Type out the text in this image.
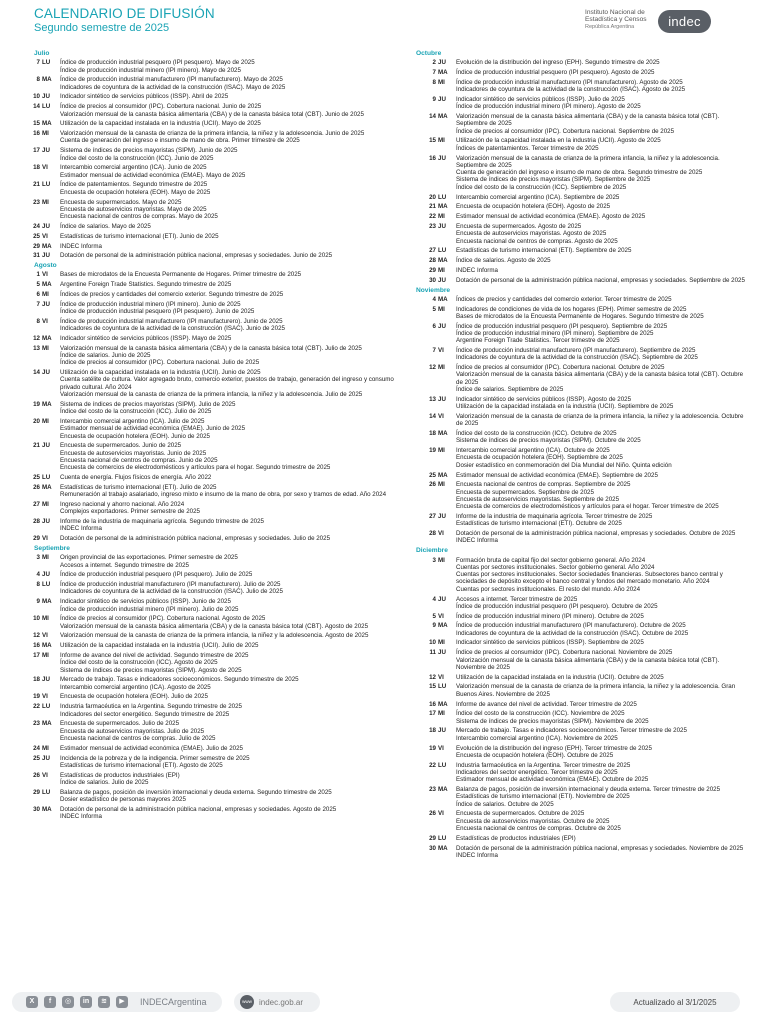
CALENDARIO DE DIFUSIÓN
Segundo semestre de 2025
Instituto Nacional de
Estadística y Censos
República Argentina	indec
Julio
7 LU	Índice de producción industrial pesquero (IPI pesquero). Mayo de 2025
Índice de producción industrial minero (IPI minero). Mayo de 2025
8 MA	Índice de producción industrial manufacturero (IPI manufacturero). Mayo de 2025
Indicadores de coyuntura de la actividad de la construcción (ISAC). Mayo de 2025
10 JU	Indicador sintético de servicios públicos (ISSP). Abril de 2025
14 LU	Índice de precios al consumidor (IPC). Cobertura nacional. Junio de 2025
Valorización mensual de la canasta básica alimentaria (CBA) y de la canasta básica total (CBT). Junio de 2025
15 MA	Utilización de la capacidad instalada en la industria (UCII). Mayo de 2025
16 MI	Valorización mensual de la canasta de crianza de la primera infancia, la niñez y la adolescencia. Junio de 2025
Cuenta de generación del ingreso e insumo de mano de obra. Primer trimestre de 2025
17 JU	Sistema de índices de precios mayoristas (SIPM). Junio de 2025
Índice del costo de la construcción (ICC). Junio de 2025
18 VI	Intercambio comercial argentino (ICA). Junio de 2025
Estimador mensual de actividad económica (EMAE). Mayo de 2025
21 LU	Índice de patentamientos. Segundo trimestre de 2025
Encuesta de ocupación hotelera (EOH). Mayo de 2025
23 MI	Encuesta de supermercados. Mayo de 2025
Encuesta de autoservicios mayoristas. Mayo de 2025
Encuesta nacional de centros de compras. Mayo de 2025
24 JU	Índice de salarios. Mayo de 2025
25 VI	Estadísticas de turismo internacional (ETI). Junio de 2025
29 MA	INDEC Informa
31 JU	Dotación de personal de la administración pública nacional, empresas y sociedades. Junio de 2025
Agosto
1 VI	Bases de microdatos de la Encuesta Permanente de Hogares. Primer trimestre de 2025
5 MA	Argentine Foreign Trade Statistics. Segundo trimestre de 2025
6 MI	Índices de precios y cantidades del comercio exterior. Segundo trimestre de 2025
7 JU	Índice de producción industrial minero (IPI minero). Junio de 2025
Índice de producción industrial pesquero (IPI pesquero). Junio de 2025
8 VI	Índice de producción industrial manufacturero (IPI manufacturero). Junio de 2025
Indicadores de coyuntura de la actividad de la construcción (ISAC). Junio de 2025
12 MA	Indicador sintético de servicios públicos (ISSP). Mayo de 2025
13 MI	Valorización mensual de la canasta básica alimentaria (CBA) y de la canasta básica total (CBT). Julio de 2025
Índice de salarios. Junio de 2025
Índice de precios al consumidor (IPC). Cobertura nacional. Julio de 2025
14 JU	Utilización de la capacidad instalada en la industria (UCII). Junio de 2025
Cuenta satélite de cultura. Valor agregado bruto, comercio exterior, puestos de trabajo, generación del ingreso y consumo privado cultural. Año 2024
Valorización mensual de la canasta de crianza de la primera infancia, la niñez y la adolescencia. Julio de 2025
19 MA	Sistema de índices de precios mayoristas (SIPM). Julio de 2025
Índice del costo de la construcción (ICC). Julio de 2025
20 MI	Intercambio comercial argentino (ICA). Julio de 2025
Estimador mensual de actividad económica (EMAE). Junio de 2025
Encuesta de ocupación hotelera (EOH). Junio de 2025
21 JU	Encuesta de supermercados. Junio de 2025
Encuesta de autoservicios mayoristas. Junio de 2025
Encuesta nacional de centros de compras. Junio de 2025
Encuesta de comercios de electrodomésticos y artículos para el hogar. Segundo trimestre de 2025
25 LU	Cuenta de energía. Flujos físicos de energía. Año 2022
26 MA	Estadísticas de turismo internacional (ETI). Julio de 2025
Remuneración al trabajo asalariado, ingreso mixto e insumo de la mano de obra, por sexo y tramos de edad. Año 2024
27 MI	Ingreso nacional y ahorro nacional. Año 2024
Complejos exportadores. Primer semestre de 2025
28 JU	Informe de la industria de maquinaria agrícola. Segundo trimestre de 2025
INDEC Informa
29 VI	Dotación de personal de la administración pública nacional, empresas y sociedades. Julio de 2025
Septiembre
3 MI	Origen provincial de las exportaciones. Primer semestre de 2025
Accesos a internet. Segundo trimestre de 2025
4 JU	Índice de producción industrial pesquero (IPI pesquero). Julio de 2025
8 LU	Índice de producción industrial manufacturero (IPI manufacturero). Julio de 2025
Indicadores de coyuntura de la actividad de la construcción (ISAC). Julio de 2025
9 MA	Indicador sintético de servicios públicos (ISSP). Junio de 2025
Índice de producción industrial minero (IPI minero). Julio de 2025
10 MI	Índice de precios al consumidor (IPC). Cobertura nacional. Agosto de 2025
Valorización mensual de la canasta básica alimentaria (CBA) y de la canasta básica total (CBT). Agosto de 2025
12 VI	Valorización mensual de la canasta de crianza de la primera infancia, la niñez y la adolescencia. Agosto de 2025
16 MA	Utilización de la capacidad instalada en la industria (UCII). Julio de 2025
17 MI	Informe de avance del nivel de actividad. Segundo trimestre de 2025
Índice del costo de la construcción (ICC). Agosto de 2025
Sistema de índices de precios mayoristas (SIPM). Agosto de 2025
18 JU	Mercado de trabajo. Tasas e indicadores socioeconómicos. Segundo trimestre de 2025
Intercambio comercial argentino (ICA). Agosto de 2025
19 VI	Encuesta de ocupación hotelera (EOH). Julio de 2025
22 LU	Industria farmacéutica en la Argentina. Segundo trimestre de 2025
Indicadores del sector energético. Segundo trimestre de 2025
23 MA	Encuesta de supermercados. Julio de 2025
Encuesta de autoservicios mayoristas. Julio de 2025
Encuesta nacional de centros de compras. Julio de 2025
24 MI	Estimador mensual de actividad económica (EMAE). Julio de 2025
25 JU	Incidencia de la pobreza y de la indigencia. Primer semestre de 2025
Estadísticas de turismo internacional (ETI). Agosto de 2025
26 VI	Estadísticas de productos industriales (EPI)
Índice de salarios. Julio de 2025
29 LU	Balanza de pagos, posición de inversión internacional y deuda externa. Segundo trimestre de 2025
Dosier estadístico de personas mayores 2025
30 MA	Dotación de personal de la administración pública nacional, empresas y sociedades. Agosto de 2025
INDEC Informa
Octubre
2 JU	Evolución de la distribución del ingreso (EPH). Segundo trimestre de 2025
7 MA	Índice de producción industrial pesquero (IPI pesquero). Agosto de 2025
8 MI	Índice de producción industrial manufacturero (IPI manufacturero). Agosto de 2025
Indicadores de coyuntura de la actividad de la construcción (ISAC). Agosto de 2025
9 JU	Indicador sintético de servicios públicos (ISSP). Julio de 2025
Índice de producción industrial minero (IPI minero). Agosto de 2025
14 MA	Valorización mensual de la canasta básica alimentaria (CBA) y de la canasta básica total (CBT). Septiembre de 2025
Índice de precios al consumidor (IPC). Cobertura nacional. Septiembre de 2025
15 MI	Utilización de la capacidad instalada en la industria (UCII). Agosto de 2025
Índices de patentamientos. Tercer trimestre de 2025
16 JU	Valorización mensual de la canasta de crianza de la primera infancia, la niñez y la adolescencia. Septiembre de 2025
Cuenta de generación del ingreso e insumo de mano de obra. Segundo trimestre de 2025
Sistema de índices de precios mayoristas (SIPM). Septiembre de 2025
Índice del costo de la construcción (ICC). Septiembre de 2025
20 LU	Intercambio comercial argentino (ICA). Septiembre de 2025
21 MA	Encuesta de ocupación hotelera (EOH). Agosto de 2025
22 MI	Estimador mensual de actividad económica (EMAE). Agosto de 2025
23 JU	Encuesta de supermercados. Agosto de 2025
Encuesta de autoservicios mayoristas. Agosto de 2025
Encuesta nacional de centros de compras. Agosto de 2025
27 LU	Estadísticas de turismo internacional (ETI). Septiembre de 2025
28 MA	Índice de salarios. Agosto de 2025
29 MI	INDEC Informa
30 JU	Dotación de personal de la administración pública nacional, empresas y sociedades. Septiembre de 2025
Noviembre
4 MA	Índices de precios y cantidades del comercio exterior. Tercer trimestre de 2025
5 MI	Indicadores de condiciones de vida de los hogares (EPH). Primer semestre de 2025
Bases de microdatos de la Encuesta Permanente de Hogares. Segundo trimestre de 2025
6 JU	Índice de producción industrial pesquero (IPI pesquero). Septiembre de 2025
Índice de producción industrial minero (IPI minero). Septiembre de 2025
Argentine Foreign Trade Statistics. Tercer trimestre de 2025
7 VI	Índice de producción industrial manufacturero (IPI manufacturero). Septiembre de 2025
Indicadores de coyuntura de la actividad de la construcción (ISAC). Septiembre de 2025
12 MI	Índice de precios al consumidor (IPC). Cobertura nacional. Octubre de 2025
Valorización mensual de la canasta básica alimentaria (CBA) y de la canasta básica total (CBT). Octubre de 2025
Índice de salarios. Septiembre de 2025
13 JU	Indicador sintético de servicios públicos (ISSP). Agosto de 2025
Utilización de la capacidad instalada en la industria (UCII). Septiembre de 2025
14 VI	Valorización mensual de la canasta de crianza de la primera infancia, la niñez y la adolescencia. Octubre de 2025
18 MA	Índice del costo de la construcción (ICC). Octubre de 2025
Sistema de índices de precios mayoristas (SIPM). Octubre de 2025
19 MI	Intercambio comercial argentino (ICA). Octubre de 2025
Encuesta de ocupación hotelera (EOH). Septiembre de 2025
Dosier estadístico en conmemoración del Día Mundial del Niño. Quinta edición
25 MA	Estimador mensual de actividad económica (EMAE). Septiembre de 2025
26 MI	Encuesta nacional de centros de compras. Septiembre de 2025
Encuesta de supermercados. Septiembre de 2025
Encuesta de autoservicios mayoristas. Septiembre de 2025
Encuesta de comercios de electrodomésticos y artículos para el hogar. Tercer trimestre de 2025
27 JU	Informe de la industria de maquinaria agrícola. Tercer trimestre de 2025
Estadísticas de turismo internacional (ETI). Octubre de 2025
28 VI	Dotación de personal de la administración pública nacional, empresas y sociedades. Octubre de 2025
INDEC Informa
Diciembre
3 MI	Formación bruta de capital fijo del sector gobierno general. Año 2024
Cuentas por sectores institucionales. Sector gobierno general. Año 2024
Cuentas por sectores institucionales. Sector sociedades financieras. Subsectores banco central y sociedades de depósito excepto el banco central y fondos del mercado monetario. Año 2024
Cuentas por sectores institucionales. El resto del mundo. Año 2024
4 JU	Accesos a internet. Tercer trimestre de 2025
Índice de producción industrial pesquero (IPI pesquero). Octubre de 2025
5 VI	Índice de producción industrial minero (IPI minero). Octubre de 2025
9 MA	Índice de producción industrial manufacturero (IPI manufacturero). Octubre de 2025
Indicadores de coyuntura de la actividad de la construcción (ISAC). Octubre de 2025
10 MI	Indicador sintético de servicios públicos (ISSP). Septiembre de 2025
11 JU	Índice de precios al consumidor (IPC). Cobertura nacional. Noviembre de 2025
Valorización mensual de la canasta básica alimentaria (CBA) y de la canasta básica total (CBT). Noviembre de 2025
12 VI	Utilización de la capacidad instalada en la industria (UCII). Octubre de 2025
15 LU	Valorización mensual de la canasta de crianza de la primera infancia, la niñez y la adolescencia. Gran Buenos Aires. Noviembre de 2025
16 MA	Informe de avance del nivel de actividad. Tercer trimestre de 2025
17 MI	Índice del costo de la construcción (ICC). Noviembre de 2025
Sistema de índices de precios mayoristas (SIPM). Noviembre de 2025
18 JU	Mercado de trabajo. Tasas e indicadores socioeconómicos. Tercer trimestre de 2025
Intercambio comercial argentino (ICA). Noviembre de 2025
19 VI	Evolución de la distribución del ingreso (EPH). Tercer trimestre de 2025
Encuesta de ocupación hotelera (EOH). Octubre de 2025
22 LU	Industria farmacéutica en la Argentina. Tercer trimestre de 2025
Indicadores del sector energético. Tercer trimestre de 2025
Estimador mensual de actividad económica (EMAE). Octubre de 2025
23 MA	Balanza de pagos, posición de inversión internacional y deuda externa. Tercer trimestre de 2025
Estadísticas de turismo internacional (ETI). Noviembre de 2025
Índice de salarios. Octubre de 2025
26 VI	Encuesta de supermercados. Octubre de 2025
Encuesta de autoservicios mayoristas. Octubre de 2025
Encuesta nacional de centros de compras. Octubre de 2025
29 LU	Estadísticas de productos industriales (EPI)
30 MA	Dotación de personal de la administración pública nacional, empresas y sociedades. Noviembre de 2025
INDEC Informa
X	f	◎	in	≋	▶	INDECArgentina	www indec.gob.ar	Actualizado al 3/1/2025
